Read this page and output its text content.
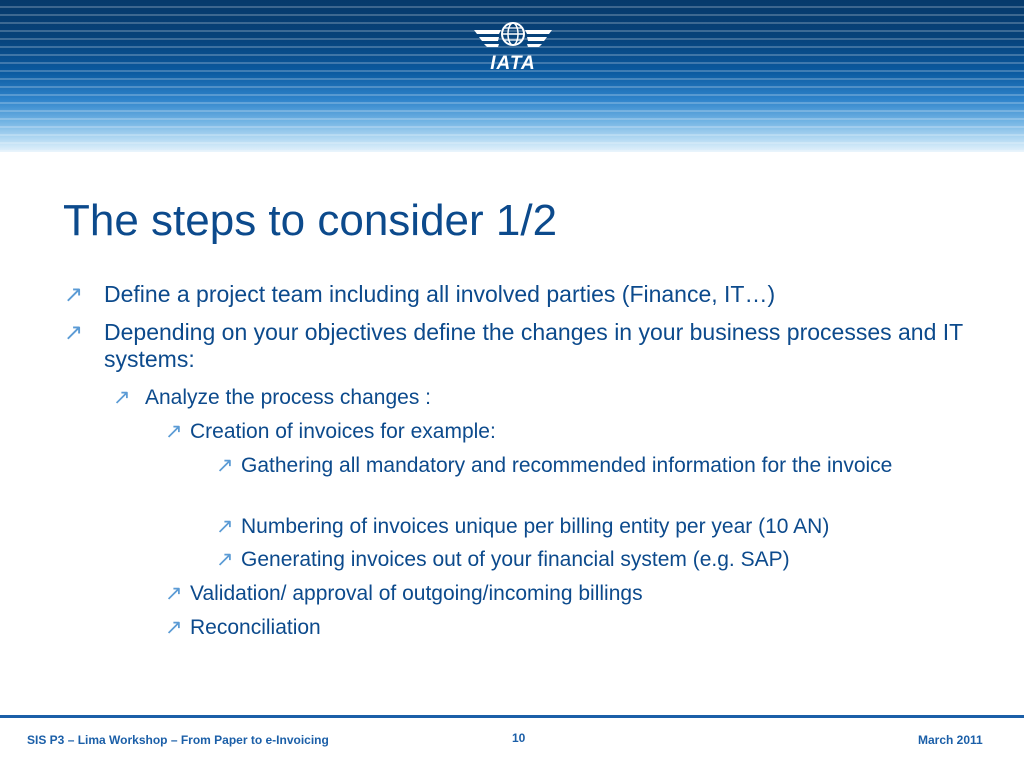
IATA
The steps to consider 1/2
↗ Define a project team including all involved parties (Finance, IT…)
↗ Depending on your objectives define the changes in your business processes and IT systems:
↗ Analyze the process changes :
↗ Creation of invoices for example:
↗ Gathering all mandatory and recommended information for the invoice
↗ Numbering of invoices unique per billing entity per year (10 AN)
↗ Generating invoices out of your financial system (e.g. SAP)
↗ Validation/ approval of outgoing/incoming billings
↗ Reconciliation
SIS P3 – Lima Workshop – From Paper to e-Invoicing	10	March 2011
